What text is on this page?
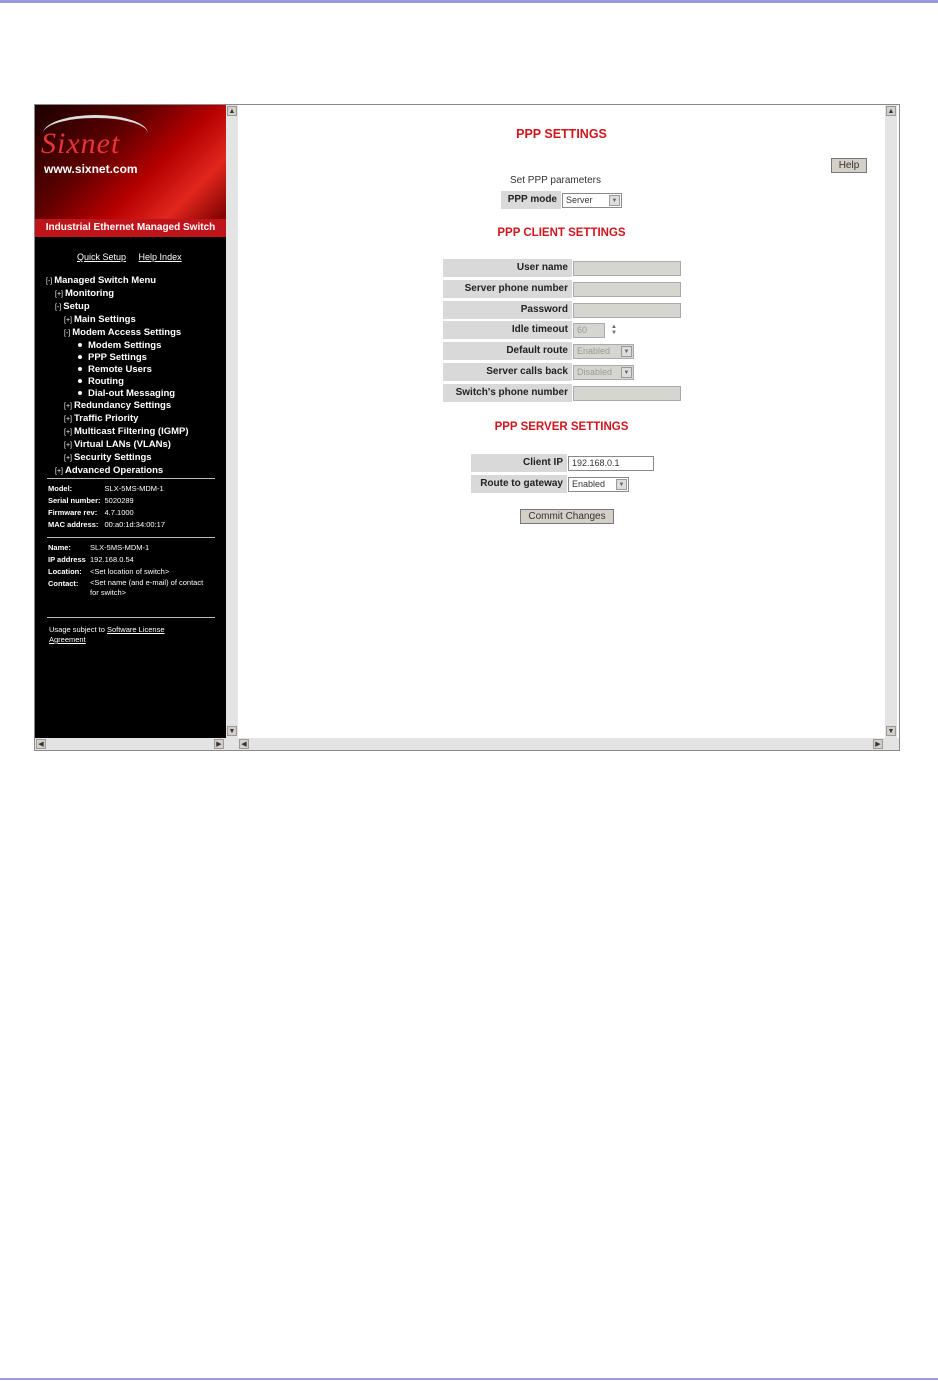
Sixnet
www.sixnet.com
Industrial Ethernet Managed Switch
Quick Setup Help Index
[-] Managed Switch Menu
[+] Monitoring
[-] Setup
[+] Main Settings
[-] Modem Access Settings
Modem Settings
PPP Settings
Remote Users
Routing
Dial-out Messaging
[+] Redundancy Settings
[+] Traffic Priority
[+] Multicast Filtering (IGMP)
[+] Virtual LANs (VLANs)
[+] Security Settings
[+] Advanced Operations
Model:	SLX-5MS-MDM-1
Serial number:	5020289
Firmware rev:	4.7.1000
MAC address:	00:a0:1d:34:00:17
Name:	SLX-5MS-MDM-1
IP address	192.168.0.54
Location:	<Set location of switch>
Contact:	<Set name (and e-mail) of contact for switch>
Usage subject to Software License Agreement
▲
▼
◀	▶
PPP SETTINGS
Help
Set PPP parameters
PPP mode	Server	▼
PPP CLIENT SETTINGS
User name
Server phone number
Password
Idle timeout	60	▲
▼
Default route	Enabled	▼
Server calls back	Disabled	▼
Switch's phone number
PPP SERVER SETTINGS
Client IP	192.168.0.1
Route to gateway	Enabled	▼
Commit Changes
▲
▼
◀	▶
